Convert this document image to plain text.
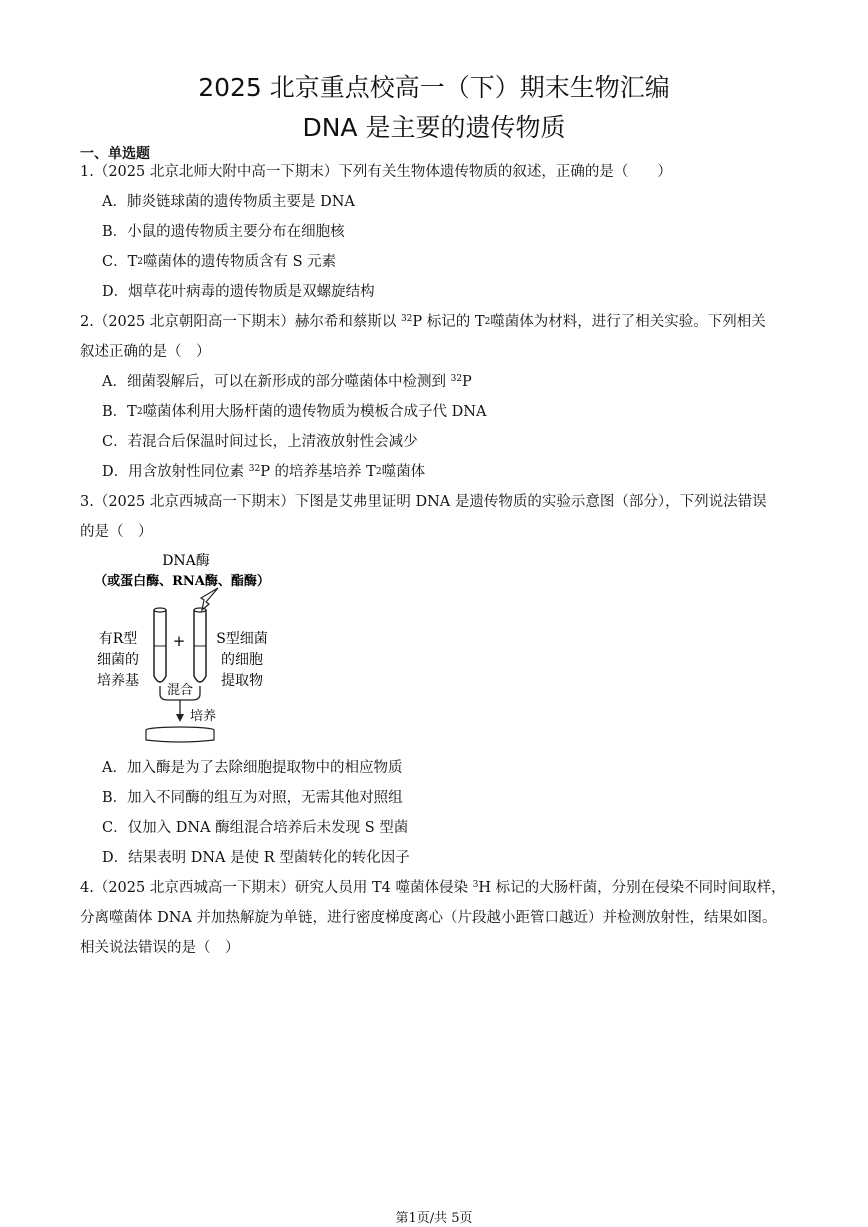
2025 北京重点校高一（下）期末生物汇编
DNA 是主要的遗传物质
一、单选题
1.（2025 北京北师大附中高一下期末）下列有关生物体遗传物质的叙述，正确的是（　　）
A．肺炎链球菌的遗传物质主要是 DNA
B．小鼠的遗传物质主要分布在细胞核
C．T2噬菌体的遗传物质含有 S 元素
D．烟草花叶病毒的遗传物质是双螺旋结构
2.（2025 北京朝阳高一下期末）赫尔希和蔡斯以 $^{32}$P 标记的 T2噬菌体为材料，进行了相关实验。下列相关
叙述正确的是（　）
A．细菌裂解后，可以在新形成的部分噬菌体中检测到 $^{32}$P
B．T2噬菌体利用大肠杆菌的遗传物质为模板合成子代 DNA
C．若混合后保温时间过长，上清液放射性会减少
D．用含放射性同位素 $^{32}$P 的培养基培养 T2噬菌体
3.（2025 北京西城高一下期末）下图是艾弗里证明 DNA 是遗传物质的实验示意图（部分），下列说法错误
的是（　）
DNA酶
（或蛋白酶、RNA酶、酯酶）
+
有R型
细菌的
培养基
S型细菌
的细胞
提取物
混合
培养
A．加入酶是为了去除细胞提取物中的相应物质
B．加入不同酶的组互为对照，无需其他对照组
C．仅加入 DNA 酶组混合培养后未发现 S 型菌
D．结果表明 DNA 是使 R 型菌转化的转化因子
4.（2025 北京西城高一下期末）研究人员用 T4 噬菌体侵染 $^3$H 标记的大肠杆菌，分别在侵染不同时间取样，
分离噬菌体 DNA 并加热解旋为单链，进行密度梯度离心（片段越小距管口越近）并检测放射性，结果如图。
相关说法错误的是（　）
第1页/共 5页
